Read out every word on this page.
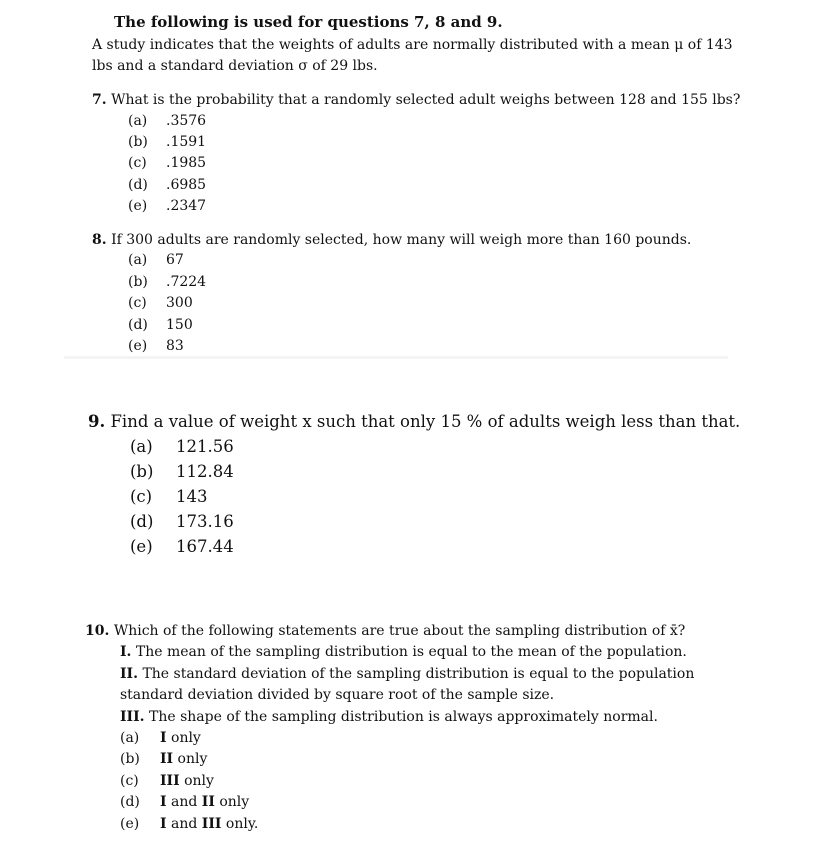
The following is used for questions 7, 8 and 9.
A study indicates that the weights of adults are normally distributed with a mean μ of 143
lbs and a standard deviation σ of 29 lbs.
7. What is the probability that a randomly selected adult weighs between 128 and 155 lbs?
(a) .3576
(b) .1591
(c) .1985
(d) .6985
(e) .2347
8. If 300 adults are randomly selected, how many will weigh more than 160 pounds.
(a) 67
(b) .7224
(c) 300
(d) 150
(e) 83
9. Find a value of weight x such that only 15 % of adults weigh less than that.
(a) 121.56
(b) 112.84
(c) 143
(d) 173.16
(e) 167.44
10. Which of the following statements are true about the sampling distribution of x̄?
I. The mean of the sampling distribution is equal to the mean of the population.
II. The standard deviation of the sampling distribution is equal to the population
standard deviation divided by square root of the sample size.
III. The shape of the sampling distribution is always approximately normal.
(a) I only
(b) II only
(c) III only
(d) I and II only
(e) I and III only.
